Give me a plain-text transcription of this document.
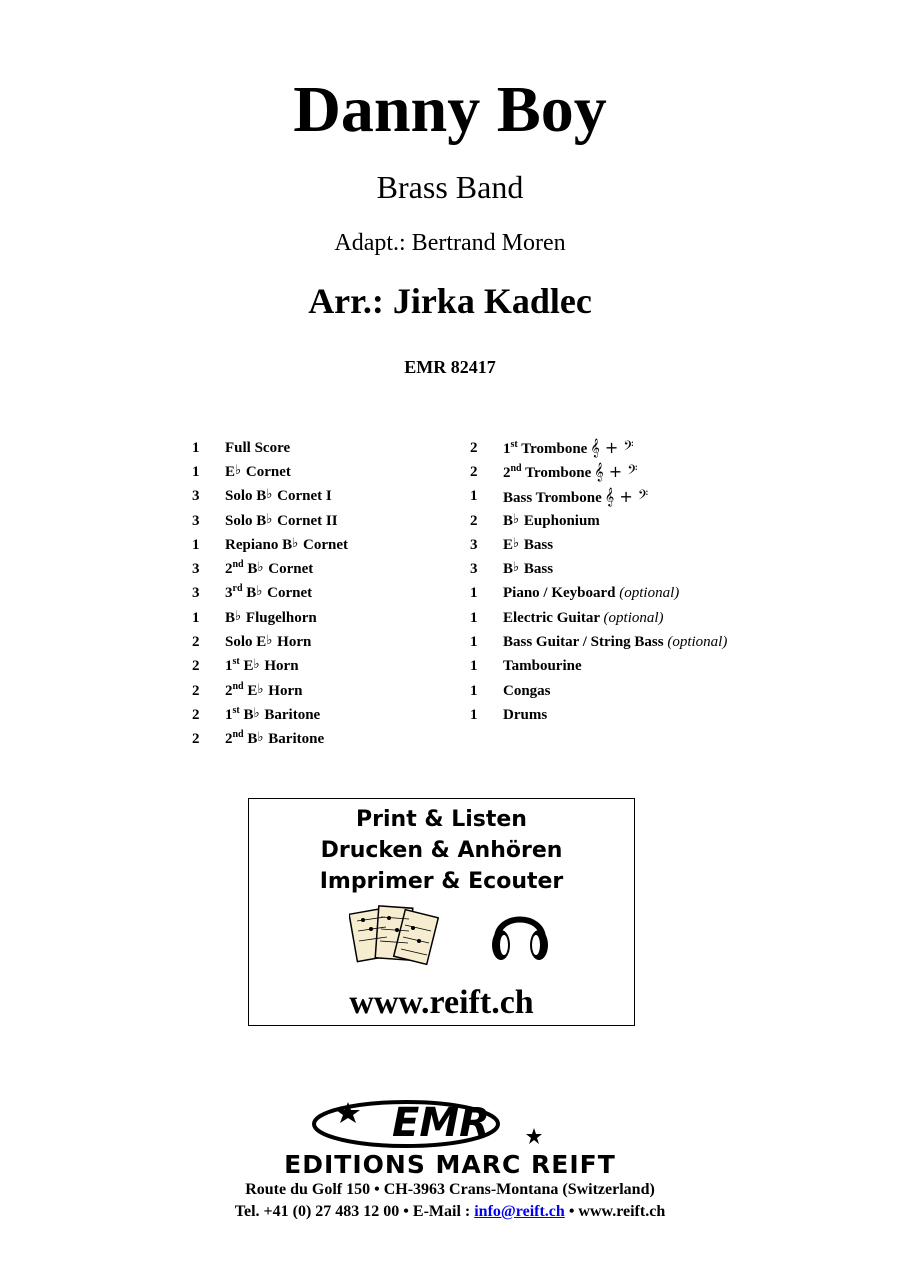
Danny Boy
Brass Band
Adapt.: Bertrand Moren
Arr.: Jirka Kadlec
EMR 82417
1	Full Score
1	E♭ Cornet
3	Solo B♭ Cornet I
3	Solo B♭ Cornet II
1	Repiano B♭ Cornet
3	2nd B♭ Cornet
3	3rd B♭ Cornet
1	B♭ Flugelhorn
2	Solo E♭ Horn
2	1st E♭ Horn
2	2nd E♭ Horn
2	1st B♭ Baritone
2	2nd B♭ Baritone
2	1st Trombone 𝄞 + 𝄢
2	2nd Trombone 𝄞 + 𝄢
1	Bass Trombone 𝄞 + 𝄢
2	B♭ Euphonium
3	E♭ Bass
3	B♭ Bass
1	Piano / Keyboard (optional)
1	Electric Guitar (optional)
1	Bass Guitar / String Bass (optional)
1	Tambourine
1	Congas
1	Drums
Print & Listen
Drucken & Anhören
Imprimer & Ecouter
www.reift.ch
EMR
EDITIONS MARC REIFT
Route du Golf 150 • CH-3963 Crans-Montana (Switzerland)
Tel. +41 (0) 27 483 12 00 • E-Mail : info@reift.ch • www.reift.ch
